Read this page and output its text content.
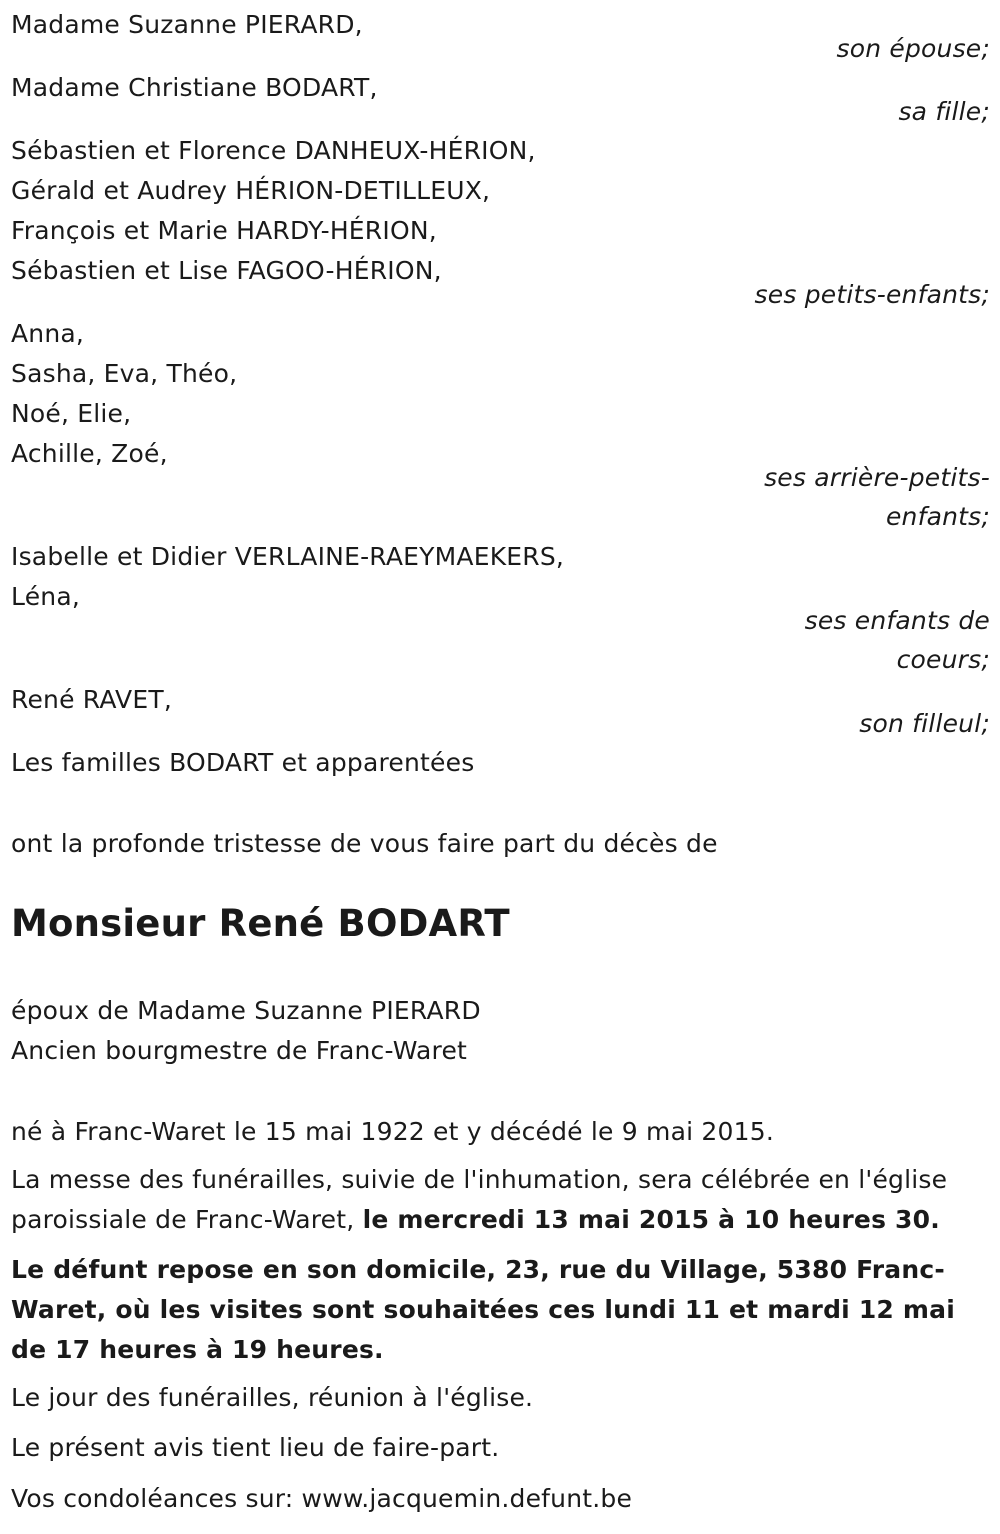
Madame Suzanne PIERARD,
son épouse;
Madame Christiane BODART,
sa fille;
Sébastien et Florence DANHEUX-HÉRION,
Gérald et Audrey HÉRION-DETILLEUX,
François et Marie HARDY-HÉRION,
Sébastien et Lise FAGOO-HÉRION,
ses petits-enfants;
Anna,
Sasha, Eva, Théo,
Noé, Elie,
Achille, Zoé,
ses arrière-petits-
enfants;
Isabelle et Didier VERLAINE-RAEYMAEKERS,
Léna,
ses enfants de
coeurs;
René RAVET,
son filleul;
Les familles BODART et apparentées
ont la profonde tristesse de vous faire part du décès de
Monsieur René BODART
époux de Madame Suzanne PIERARD
Ancien bourgmestre de Franc-Waret
né à Franc-Waret le 15 mai 1922 et y décédé le 9 mai 2015.
La messe des funérailles, suivie de l'inhumation, sera célébrée en l'église paroissiale de Franc-Waret, le mercredi 13 mai 2015 à 10 heures 30.
Le défunt repose en son domicile, 23, rue du Village, 5380 Franc-Waret, où les visites sont souhaitées ces lundi 11 et mardi 12 mai de 17 heures à 19 heures.
Le jour des funérailles, réunion à l'église.
Le présent avis tient lieu de faire-part.
Vos condoléances sur: www.jacquemin.defunt.be
